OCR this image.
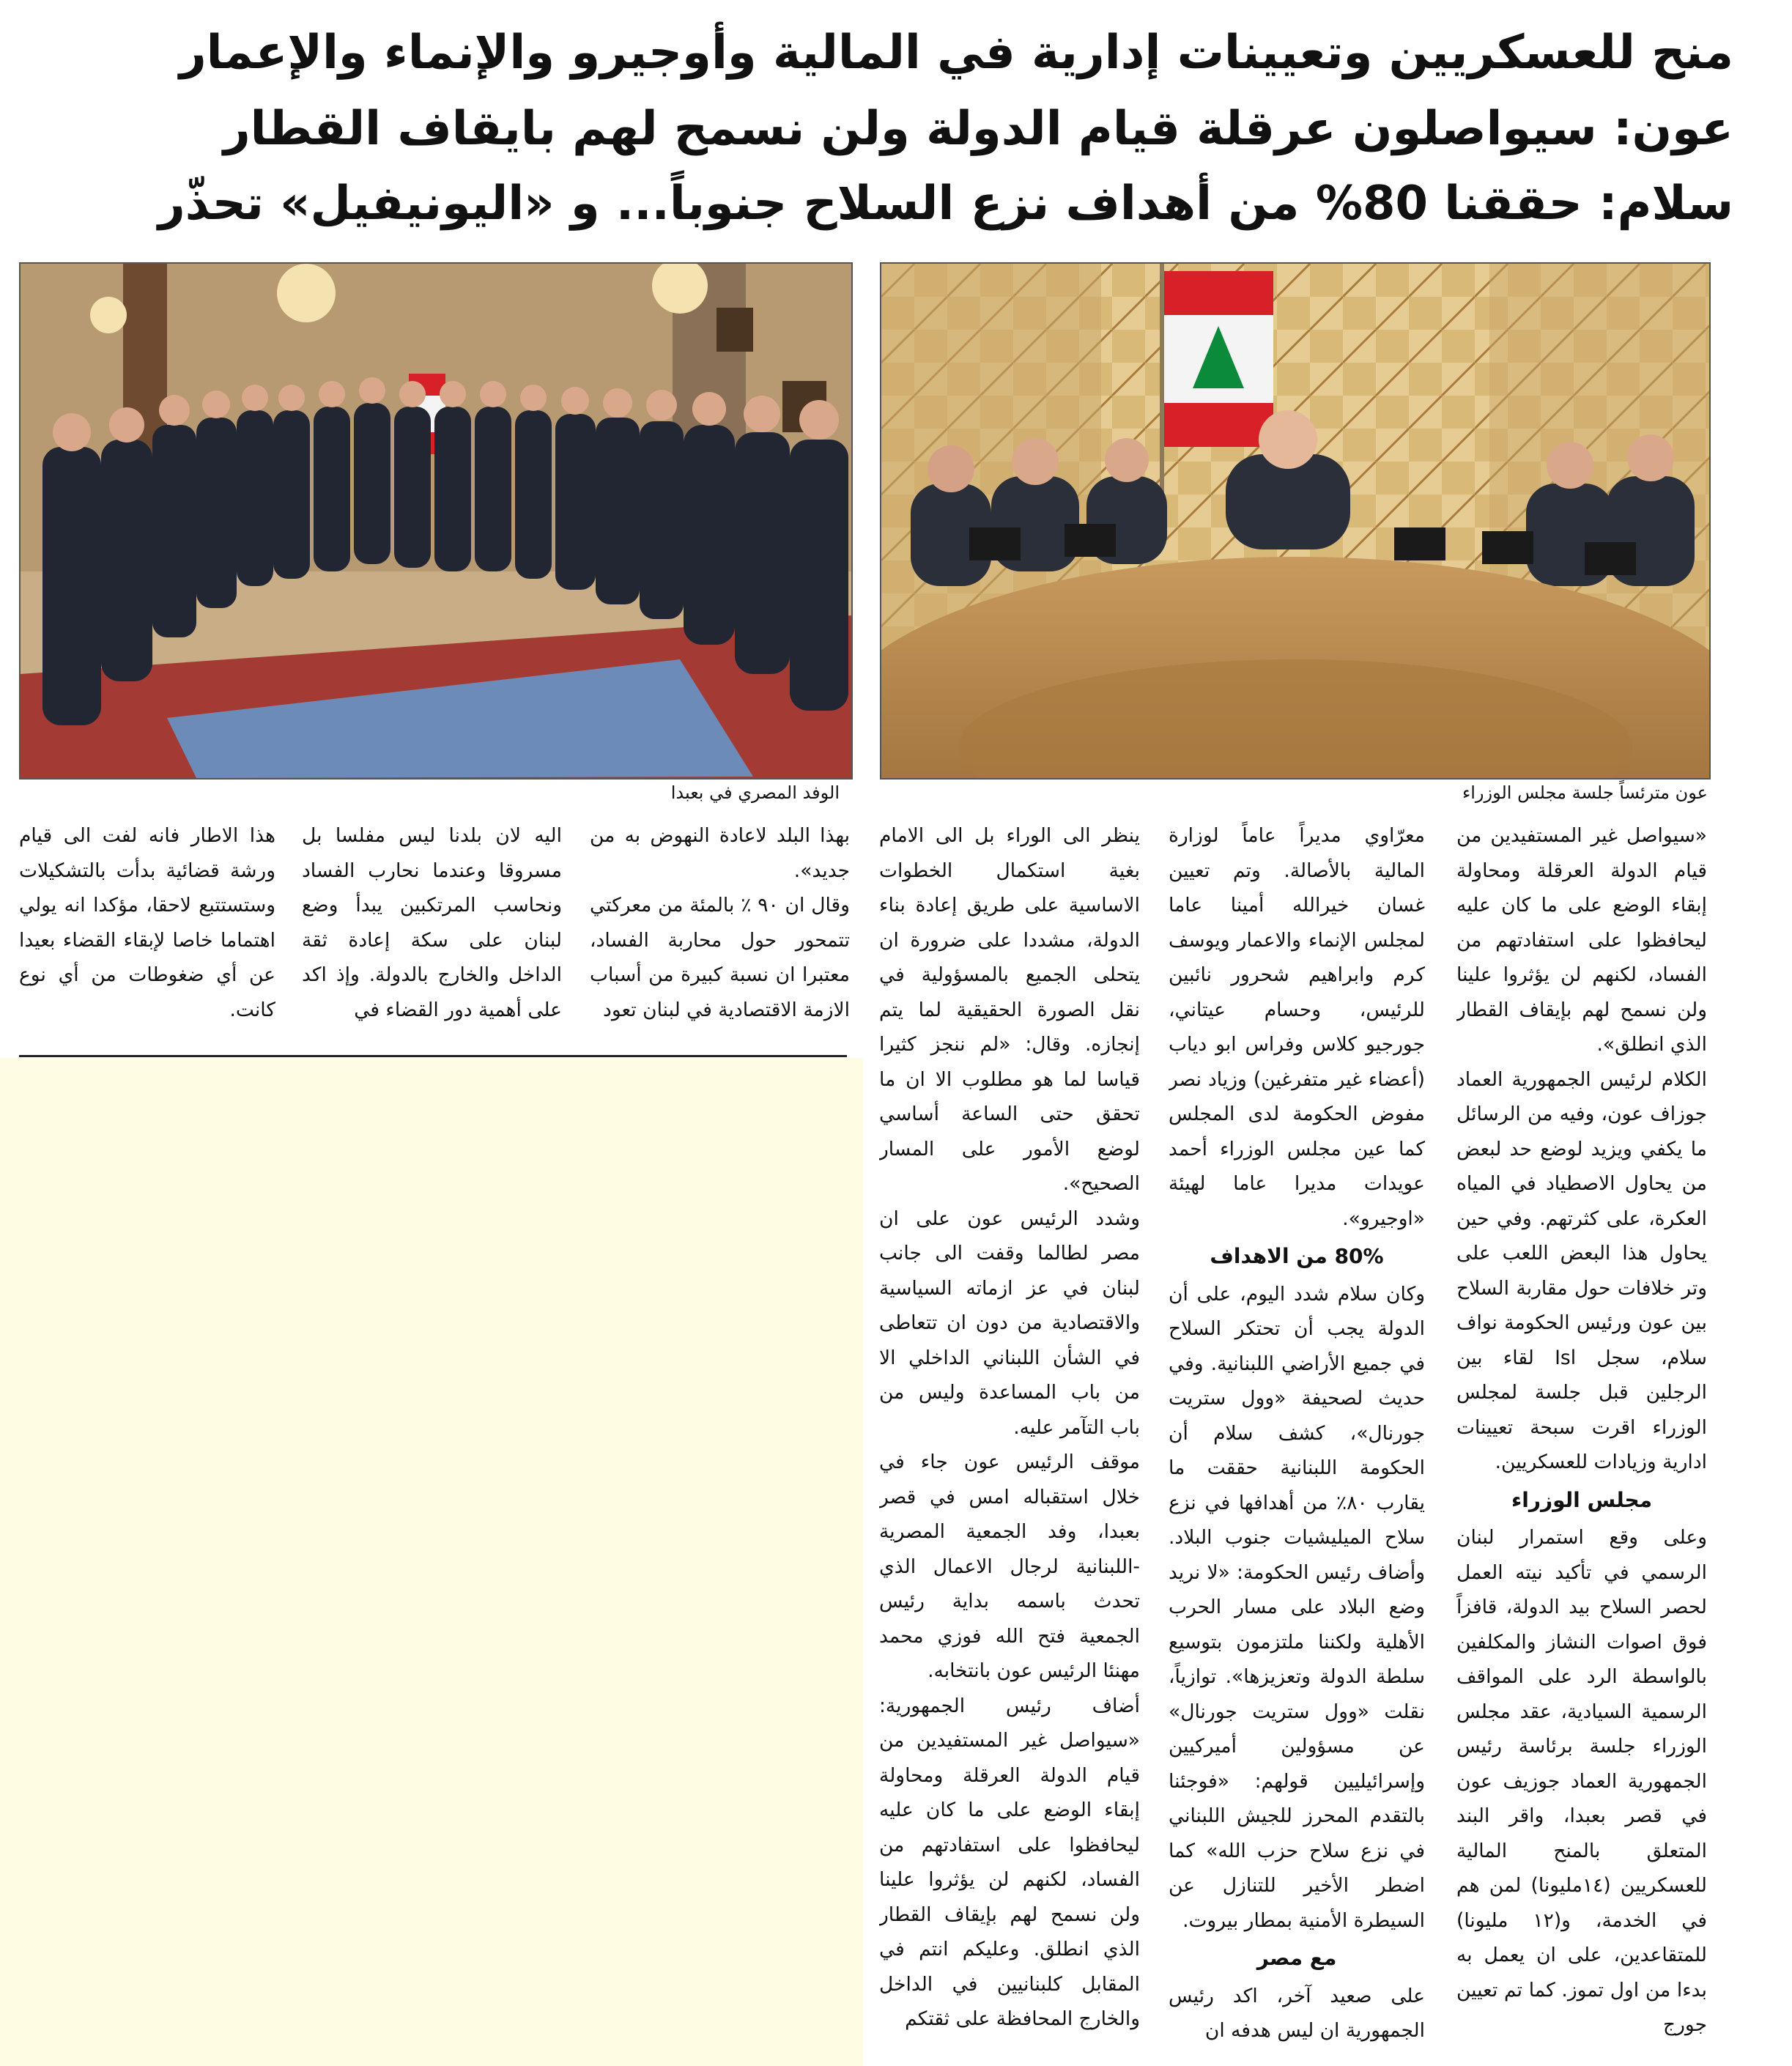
منح للعسكريين وتعيينات إدارية في المالية وأوجيرو والإنماء والإعمار
عون: سيواصلون عرقلة قيام الدولة ولن نسمح لهم بايقاف القطار
سلام: حققنا 80% من أهداف نزع السلاح جنوباً... و «اليونيفيل» تحذّر
عون مترئساً جلسة مجلس الوزراء
الوفد المصري في بعبدا

«سيواصل غير المستفيدين من قيام الدولة العرقلة ومحاولة إبقاء الوضع على ما كان عليه ليحافظوا على استفادتهم من الفساد، لكنهم لن يؤثروا علينا ولن نسمح لهم بإيقاف القطار الذي انطلق».

الكلام لرئيس الجمهورية العماد جوزاف عون، وفيه من الرسائل ما يكفي ويزيد لوضع حد لبعض من يحاول الاصطياد في المياه العكرة، على كثرتهم. وفي حين يحاول هذا البعض اللعب على وتر خلافات حول مقاربة السلاح بين عون ورئيس الحكومة نواف سلام، سجل Isl لقاء بين الرجلين قبل جلسة لمجلس الوزراء اقرت سبحة تعيينات ادارية وزيادات للعسكريين.

مجلس الوزراء

وعلى وقع استمرار لبنان الرسمي في تأكيد نيته العمل لحصر السلاح بيد الدولة، قافزاً فوق اصوات النشاز والمكلفين بالواسطة الرد على المواقف الرسمية السيادية، عقد مجلس الوزراء جلسة برئاسة رئيس الجمهورية العماد جوزيف عون في قصر بعبدا، واقر البند المتعلق بالمنح المالية للعسكريين (١٤مليونا) لمن هم في الخدمة، و(١٢ مليونا) للمتقاعدين، على ان يعمل به بدءا من اول تموز. كما تم تعيين جورج

معرّاوي مديراً عاماً لوزارة المالية بالأصالة. وتم تعيين غسان خيرالله أمينا عاما لمجلس الإنماء والاعمار ويوسف كرم وابراهيم شحرور نائبين للرئيس، وحسام عيتاني، جورجيو كلاس وفراس ابو دياب (أعضاء غير متفرغين) وزياد نصر مفوض الحكومة لدى المجلس كما عين مجلس الوزراء أحمد عويدات مديرا عاما لهيئة «اوجيرو».

80% من الاهداف

وكان سلام شدد اليوم، على أن الدولة يجب أن تحتكر السلاح في جميع الأراضي اللبنانية. وفي حديث لصحيفة «وول ستريت جورنال»، كشف سلام أن الحكومة اللبنانية حققت ما يقارب ٨٠٪ من أهدافها في نزع سلاح الميليشيات جنوب البلاد. وأضاف رئيس الحكومة: «لا نريد وضع البلاد على مسار الحرب الأهلية ولكننا ملتزمون بتوسيع سلطة الدولة وتعزيزها». توازياً، نقلت «وول ستريت جورنال» عن مسؤولين أميركيين وإسرائيليين قولهم: «فوجئنا بالتقدم المحرز للجيش اللبناني في نزع سلاح حزب الله» كما اضطر الأخير للتنازل عن السيطرة الأمنية بمطار بيروت.

مع مصر

على صعيد آخر، اكد رئيس الجمهورية ان ليس هدفه ان

ينظر الى الوراء بل الى الامام بغية استكمال الخطوات الاساسية على طريق إعادة بناء الدولة، مشددا على ضرورة ان يتحلى الجميع بالمسؤولية في نقل الصورة الحقيقية لما يتم إنجازه. وقال: «لم ننجز كثيرا قياسا لما هو مطلوب الا ان ما تحقق حتى الساعة أساسي لوضع الأمور على المسار الصحيح».

وشدد الرئيس عون على ان مصر لطالما وقفت الى جانب لبنان في عز ازماته السياسية والاقتصادية من دون ان تتعاطى في الشأن اللبناني الداخلي الا من باب المساعدة وليس من باب التآمر عليه.

موقف الرئيس عون جاء في خلال استقباله امس في قصر بعبدا، وفد الجمعية المصرية -اللبنانية لرجال الاعمال الذي تحدث باسمه بداية رئيس الجمعية فتح الله فوزي محمد مهنئا الرئيس عون بانتخابه.

أضاف رئيس الجمهورية: «سيواصل غير المستفيدين من قيام الدولة العرقلة ومحاولة إبقاء الوضع على ما كان عليه ليحافظوا على استفادتهم من الفساد، لكنهم لن يؤثروا علينا ولن نسمح لهم بإيقاف القطار الذي انطلق. وعليكم انتم في المقابل كلبنانيين في الداخل والخارج المحافظة على ثقتكم

بهذا البلد لاعادة النهوض به من جديد».

وقال ان ٩٠ ٪ بالمئة من معركتي تتمحور حول محاربة الفساد، معتبرا ان نسبة كبيرة من أسباب الازمة الاقتصادية في لبنان تعود

اليه لان بلدنا ليس مفلسا بل مسروقا وعندما نحارب الفساد ونحاسب المرتكبين يبدأ وضع لبنان على سكة إعادة ثقة الداخل والخارج بالدولة. وإذ اكد على أهمية دور القضاء في

هذا الاطار فانه لفت الى قيام ورشة قضائية بدأت بالتشكيلات وستستتبع لاحقا، مؤكدا انه يولي اهتماما خاصا لإبقاء القضاء بعيدا عن أي ضغوطات من أي نوع كانت.
